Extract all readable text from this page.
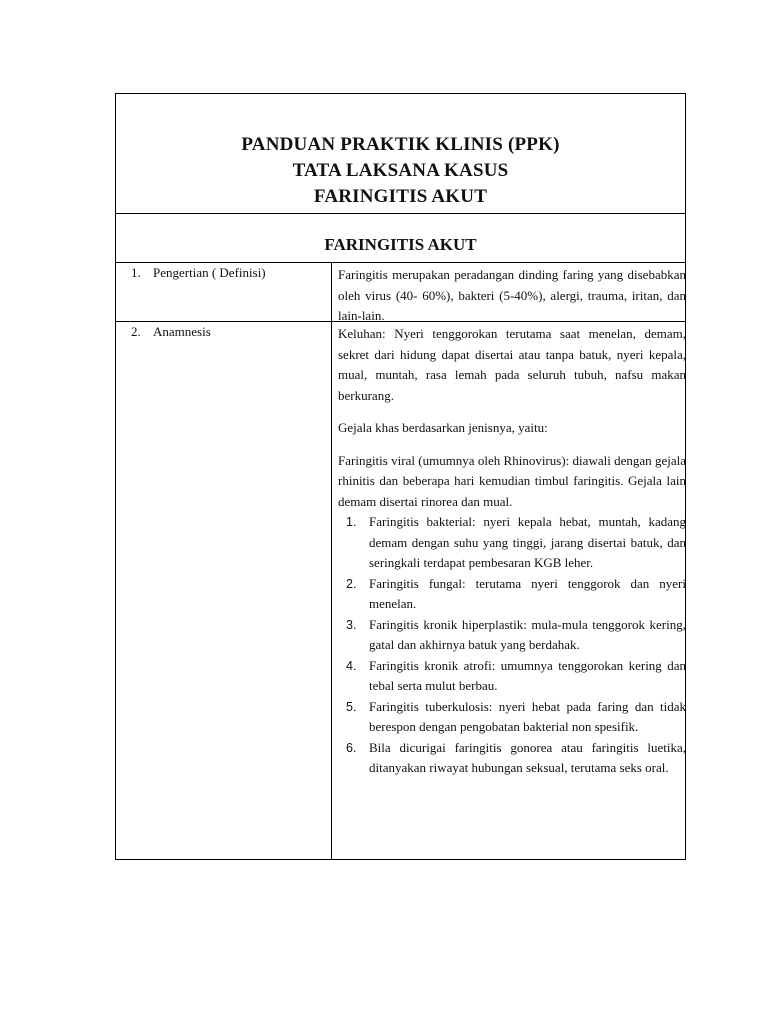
PANDUAN PRAKTIK KLINIS (PPK)
TATA LAKSANA KASUS
FARINGITIS AKUT
FARINGITIS AKUT
1. Pengertian ( Definisi)	Faringitis merupakan peradangan dinding faring yang disebabkan oleh virus (40- 60%), bakteri (5-40%), alergi, trauma, iritan, dan lain-lain.

2. Anamnesis	Keluhan: Nyeri tenggorokan terutama saat menelan, demam, sekret dari hidung dapat disertai atau tanpa batuk, nyeri kepala, mual, muntah, rasa lemah pada seluruh tubuh, nafsu makan berkurang.

Gejala khas berdasarkan jenisnya, yaitu:

Faringitis viral (umumnya oleh Rhinovirus): diawali dengan gejala rhinitis dan beberapa hari kemudian timbul faringitis. Gejala lain demam disertai rinorea dan mual.

1. Faringitis bakterial: nyeri kepala hebat, muntah, kadang demam dengan suhu yang tinggi, jarang disertai batuk, dan seringkali terdapat pembesaran KGB leher.
2. Faringitis fungal: terutama nyeri tenggorok dan nyeri menelan.
3. Faringitis kronik hiperplastik: mula-mula tenggorok kering, gatal dan akhirnya batuk yang berdahak.
4. Faringitis kronik atrofi: umumnya tenggorokan kering dan tebal serta mulut berbau.
5. Faringitis tuberkulosis: nyeri hebat pada faring dan tidak berespon dengan pengobatan bakterial non spesifik.
6. Bila dicurigai faringitis gonorea atau faringitis luetika, ditanyakan riwayat hubungan seksual, terutama seks oral.
